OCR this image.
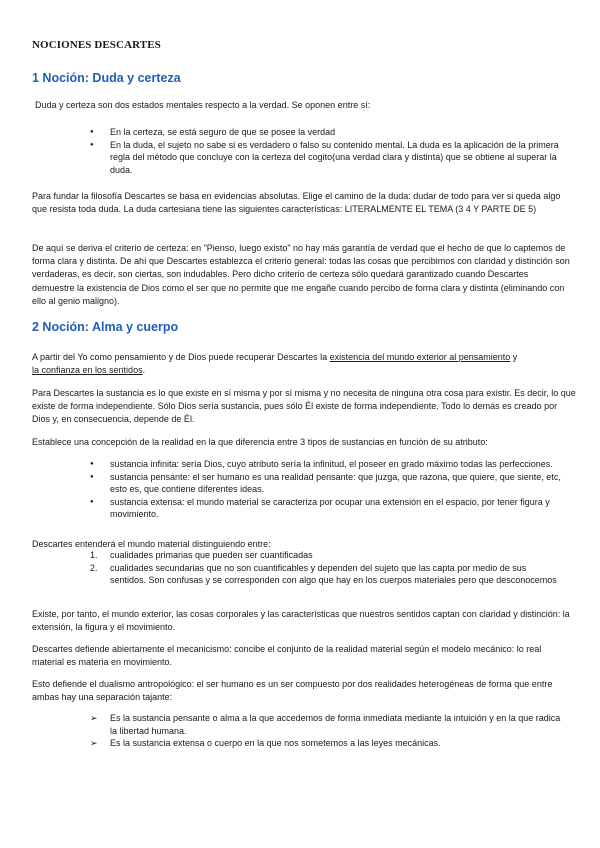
NOCIONES DESCARTES
1 Noción: Duda y certeza

Duda y certeza son dos estados mentales respecto a la verdad. Se oponen entre sí:

● En la certeza, se está seguro de que se posee la verdad
● En la duda, el sujeto no sabe si es verdadero o falso su contenido mental. La duda es la aplicación de la primera regla del método que concluye con la certeza del cogito(una verdad clara y distinta) que se obtiene al superar la duda.

Para fundar la filosofía Descartes se basa en evidencias absolutas. Elige el camino de la duda: dudar de todo para ver si queda algo que resista toda duda. La duda cartesiana tiene las siguientes características: LITERALMENTE EL TEMA (3 4 Y PARTE DE 5)

De aquí se deriva el criterio de certeza: en "Pienso, luego existo" no hay más garantía de verdad que el hecho de que lo captemos de forma clara y distinta. De ahí que Descartes establezca el criterio general: todas las cosas que percibimos con claridad y distinción son verdaderas, es decir, son ciertas, son indudables. Pero dicho criterio de certeza sólo quedará garantizado cuando Descartes demuestre la existencia de Dios como el ser que no permite que me engañe cuando percibo de forma clara y distinta (eliminando con ello al genio maligno).

2 Noción: Alma y cuerpo

A partir del Yo como pensamiento y de Dios puede recuperar Descartes la existencia del mundo exterior al pensamiento y la confianza en los sentidos.

Para Descartes la sustancia es lo que existe en sí misma y por sí misma y no necesita de ninguna otra cosa para existir. Es decir, lo que existe de forma independiente. Sólo Dios sería sustancia, pues sólo Él existe de forma independiente. Todo lo demás es creado por Dios y, en consecuencia, depende de Él.

Establece una concepción de la realidad en la que diferencia entre 3 tipos de sustancias en función de su atributo:

● sustancia infinita: sería Dios, cuyo atributo sería la infinitud, el poseer en grado máximo todas las perfecciones.
● sustancia pensante: el ser humano es una realidad pensante: que juzga, que razona, que quiere, que siente, etc, esto es, que contiene diferentes ideas.
● sustancia extensa: el mundo material se caracteriza por ocupar una extensión en el espacio, por tener figura y movimiento.

Descartes entenderá el mundo material distinguiendo entre:

1. cualidades primarias que pueden ser cuantificadas
2. cualidades secundarias que no son cuantificables y dependen del sujeto que las capta por medio de sus sentidos. Son confusas y se corresponden con algo que hay en los cuerpos materiales pero que desconocemos

Existe, por tanto, el mundo exterior, las cosas corporales y las características que nuestros sentidos captan con claridad y distinción: la extensión, la figura y el movimiento.

Descartes defiende abiertamente el mecanicismo: concibe el conjunto de la realidad material según el modelo mecánico: lo real material es materia en movimiento.

Esto defiende el dualismo antropológico: el ser humano es un ser compuesto por dos realidades heterogéneas de forma que entre ambas hay una separación tajante:

➢ Es la sustancia pensante o alma a la que accedemos de forma inmediata mediante la intuición y en la que radica la libertad humana.
➢ Es la sustancia extensa o cuerpo en la que nos sometemos a las leyes mecánicas.
